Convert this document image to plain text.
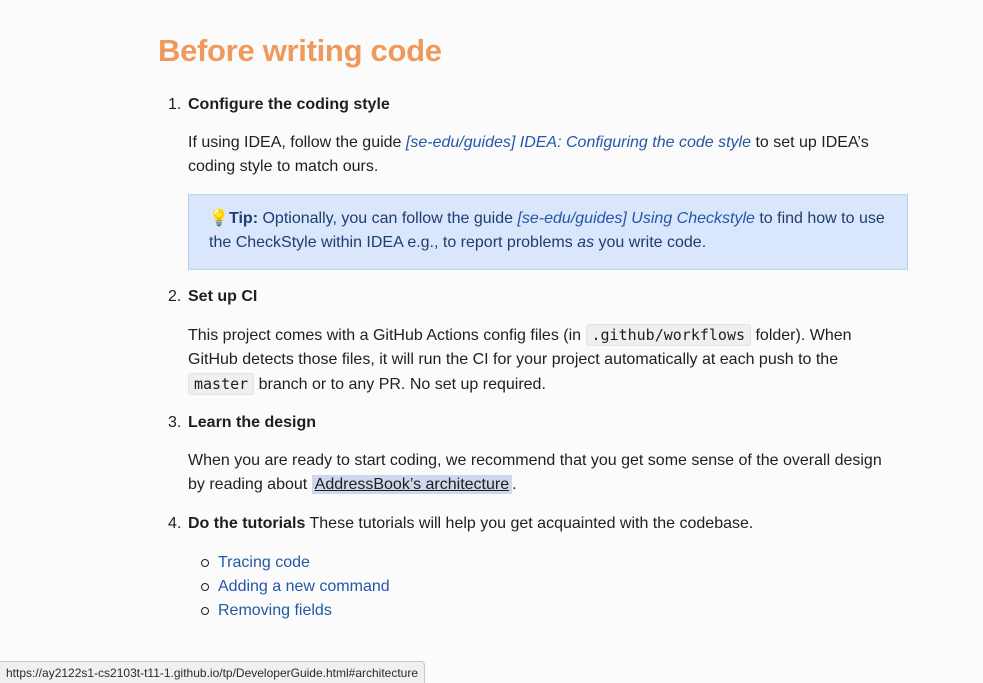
Before writing code
1. Configure the coding style
If using IDEA, follow the guide [se-edu/guides] IDEA: Configuring the code style to set up IDEA’s coding style to match ours.
💡Tip: Optionally, you can follow the guide [se-edu/guides] Using Checkstyle to find how to use the CheckStyle within IDEA e.g., to report problems as you write code.
2. Set up CI
This project comes with a GitHub Actions config files (in .github/workflows folder). When GitHub detects those files, it will run the CI for your project automatically at each push to the master branch or to any PR. No set up required.
3. Learn the design
When you are ready to start coding, we recommend that you get some sense of the overall design by reading about AddressBook’s architecture .
4. Do the tutorials These tutorials will help you get acquainted with the codebase.
Tracing code
Adding a new command
Removing fields
https://ay2122s1-cs2103t-t11-1.github.io/tp/DeveloperGuide.html#architecture
